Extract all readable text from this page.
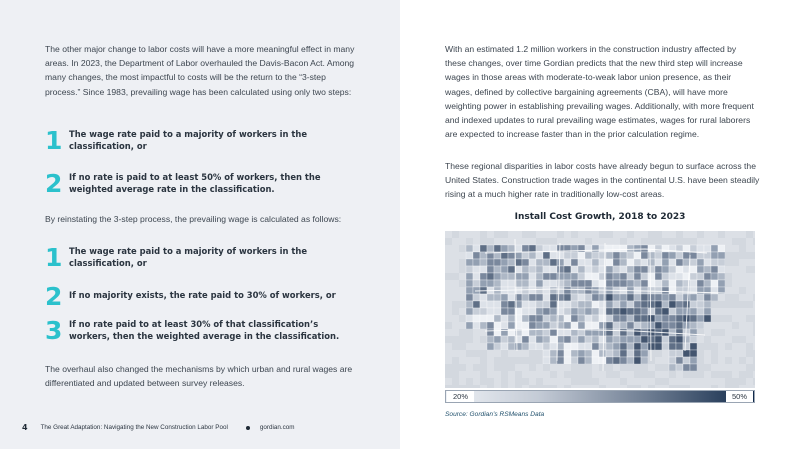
The other major change to labor costs will have a more meaningful effect in many areas. In 2023, the Department of Labor overhauled the Davis-Bacon Act. Among many changes, the most impactful to costs will be the return to the “3-step process.” Since 1983, prevailing wage has been calculated using only two steps:

1 The wage rate paid to a majority of workers in the classification, or
2 If no rate is paid to at least 50% of workers, then the weighted average rate in the classification.

By reinstating the 3-step process, the prevailing wage is calculated as follows:

1 The wage rate paid to a majority of workers in the classification, or
2 If no majority exists, the rate paid to 30% of workers, or
3 If no rate paid to at least 30% of that classification’s workers, then the weighted average in the classification.

The overhaul also changed the mechanisms by which urban and rural wages are differentiated and updated between survey releases.

With an estimated 1.2 million workers in the construction industry affected by these changes, over time Gordian predicts that the new third step will increase wages in those areas with moderate-to-weak labor union presence, as their wages, defined by collective bargaining agreements (CBA), will have more weighting power in establishing prevailing wages. Additionally, with more frequent and indexed updates to rural prevailing wage estimates, wages for rural laborers are expected to increase faster than in the prior calculation regime.

These regional disparities in labor costs have already begun to surface across the United States. Construction trade wages in the continental U.S. have been steadily rising at a much higher rate in traditionally low-cost areas.

Install Cost Growth, 2018 to 2023
20%	50%
Source: Gordian’s RSMeans Data
4 The Great Adaptation: Navigating the New Construction Labor Pool	gordian.com
